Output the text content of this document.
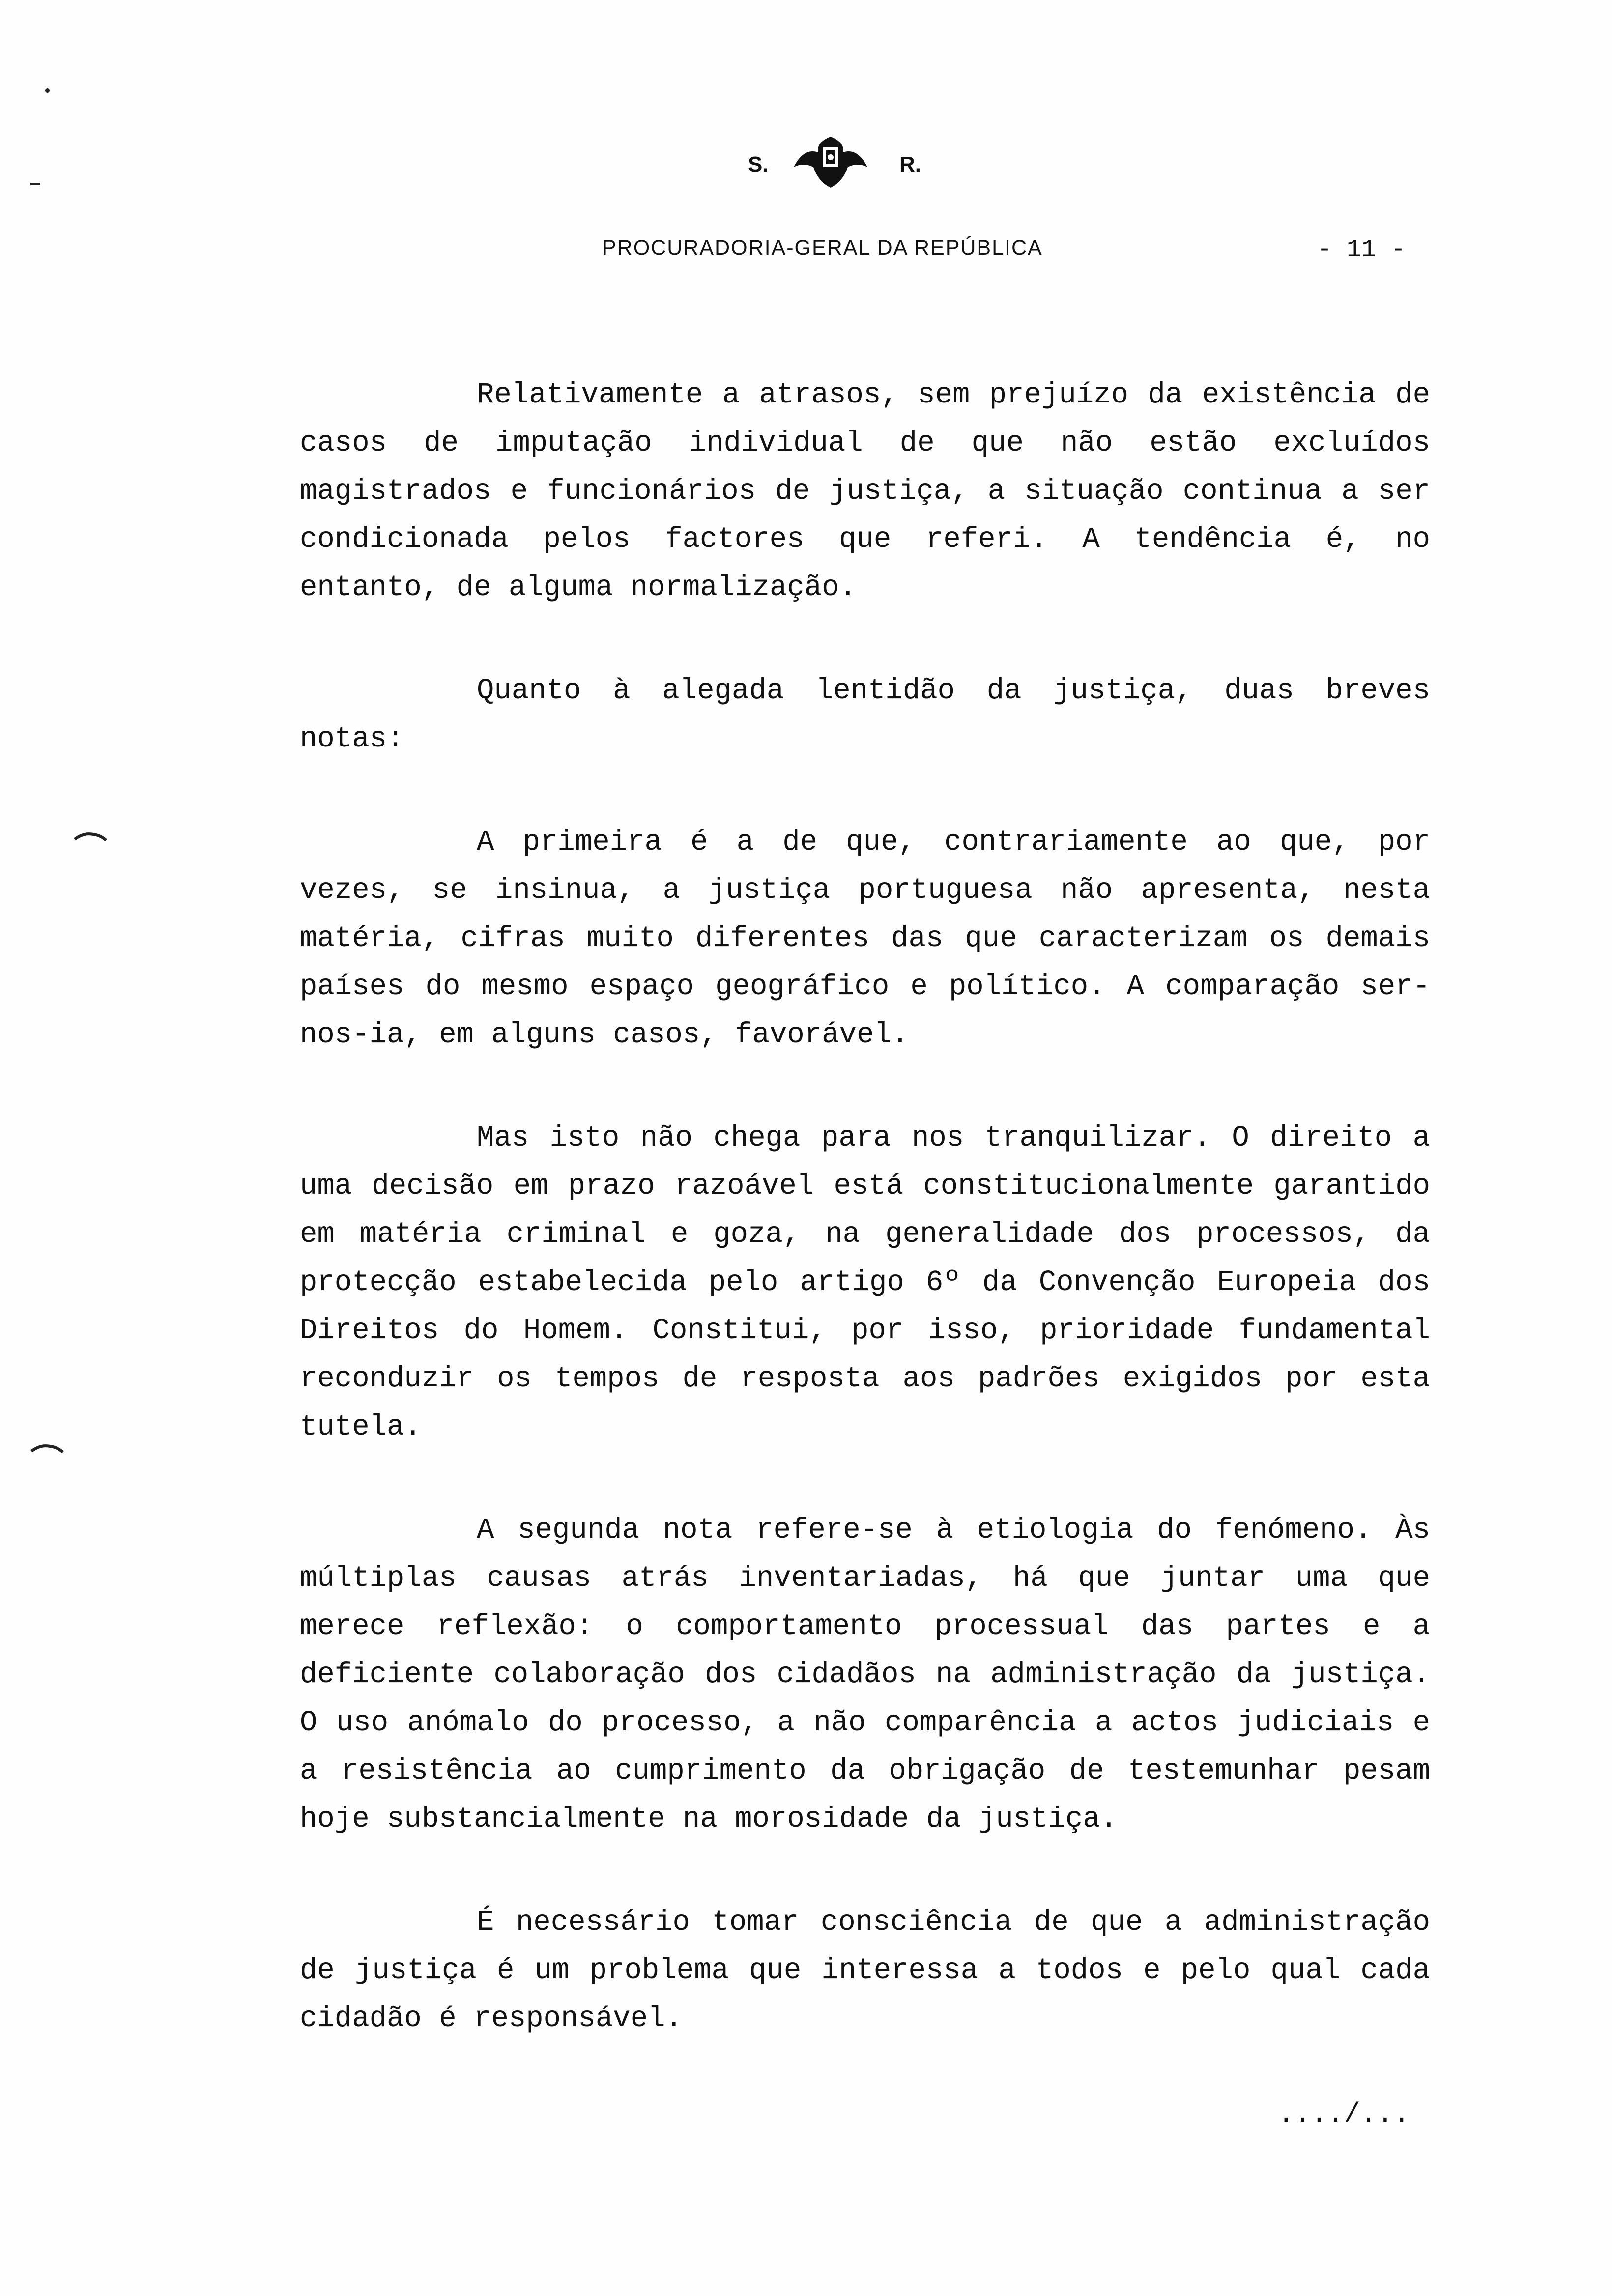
S.	R.
PROCURADORIA-GERAL DA REPÚBLICA	- 11 -

Relativamente a atrasos, sem prejuízo da existência de casos de imputação individual de que não estão excluídos magistrados e funcionários de justiça, a situação continua a ser condicionada pelos factores que referi. A tendência é, no entanto, de alguma normalização.

Quanto à alegada lentidão da justiça, duas breves notas:

A primeira é a de que, contrariamente ao que, por vezes, se insinua, a justiça portuguesa não apresenta, nesta matéria, cifras muito diferentes das que caracterizam os demais países do mesmo espaço geográfico e político. A comparação ser-nos-ia, em alguns casos, favorável.

Mas isto não chega para nos tranquilizar. O direito a uma decisão em prazo razoável está constitucionalmente garantido em matéria criminal e goza, na generalidade dos processos, da protecção estabelecida pelo artigo 6º da Convenção Europeia dos Direitos do Homem. Constitui, por isso, prioridade fundamental reconduzir os tempos de resposta aos padrões exigidos por esta tutela.

A segunda nota refere-se à etiologia do fenómeno. Às múltiplas causas atrás inventariadas, há que juntar uma que merece reflexão: o comportamento processual das partes e a deficiente colaboração dos cidadãos na administração da justiça. O uso anómalo do processo, a não comparência a actos judiciais e a resistência ao cumprimento da obrigação de testemunhar pesam hoje substancialmente na morosidade da justiça.

É necessário tomar consciência de que a administração de justiça é um problema que interessa a todos e pelo qual cada cidadão é responsável.

..../...
